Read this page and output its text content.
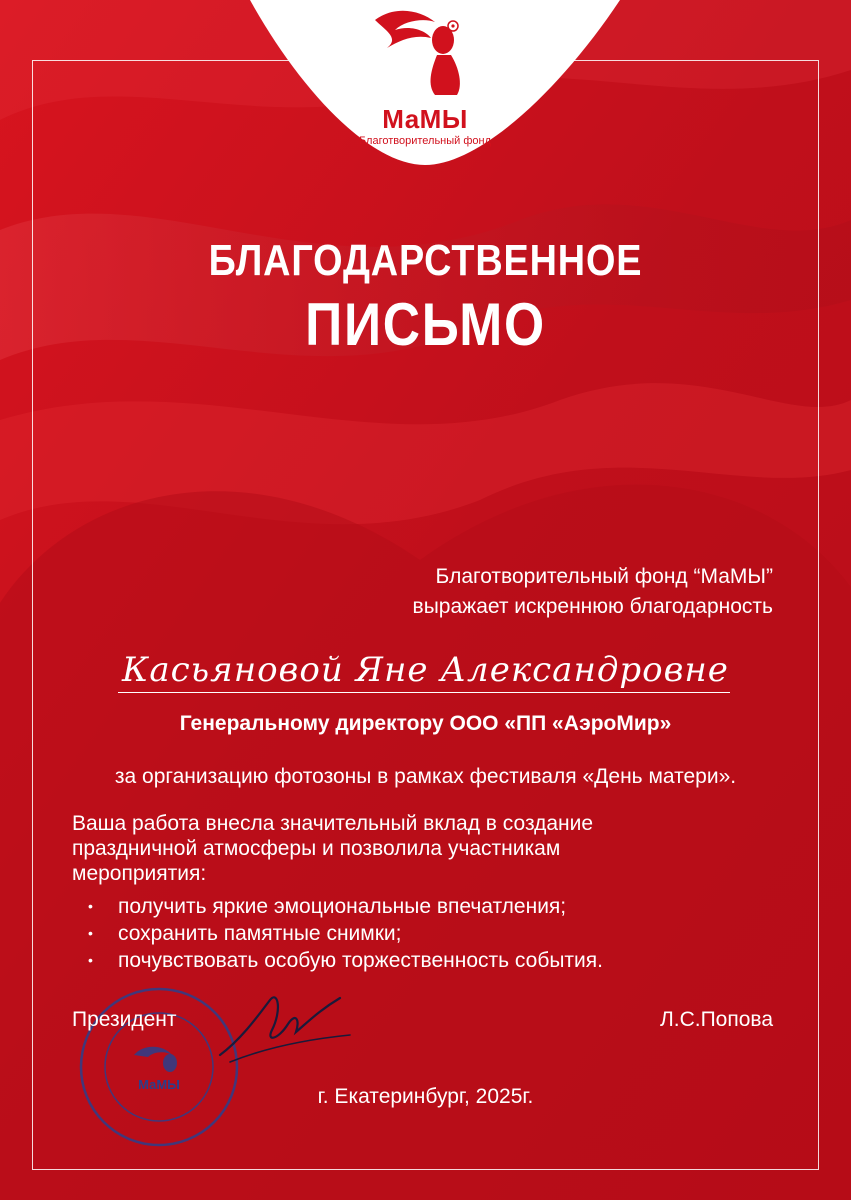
МаМЫ
Благотворительный фонд
БЛАГОДАРСТВЕННОЕ
ПИСЬМО
Благотворительный фонд “МаМЫ”
выражает искреннюю благодарность
Касьяновой Яне Александровне
Генеральному директору ООО «ПП «АэроМир»
за организацию фотозоны в рамках фестиваля «День матери».
Ваша работа внесла значительный вклад в создание
праздничной атмосферы и позволила участникам
мероприятия:
• получить яркие эмоциональные впечатления;
• сохранить памятные снимки;
• почувствовать особую торжественность события.
МаМЫ
Президент	Л.С.Попова
г. Екатеринбург, 2025г.
